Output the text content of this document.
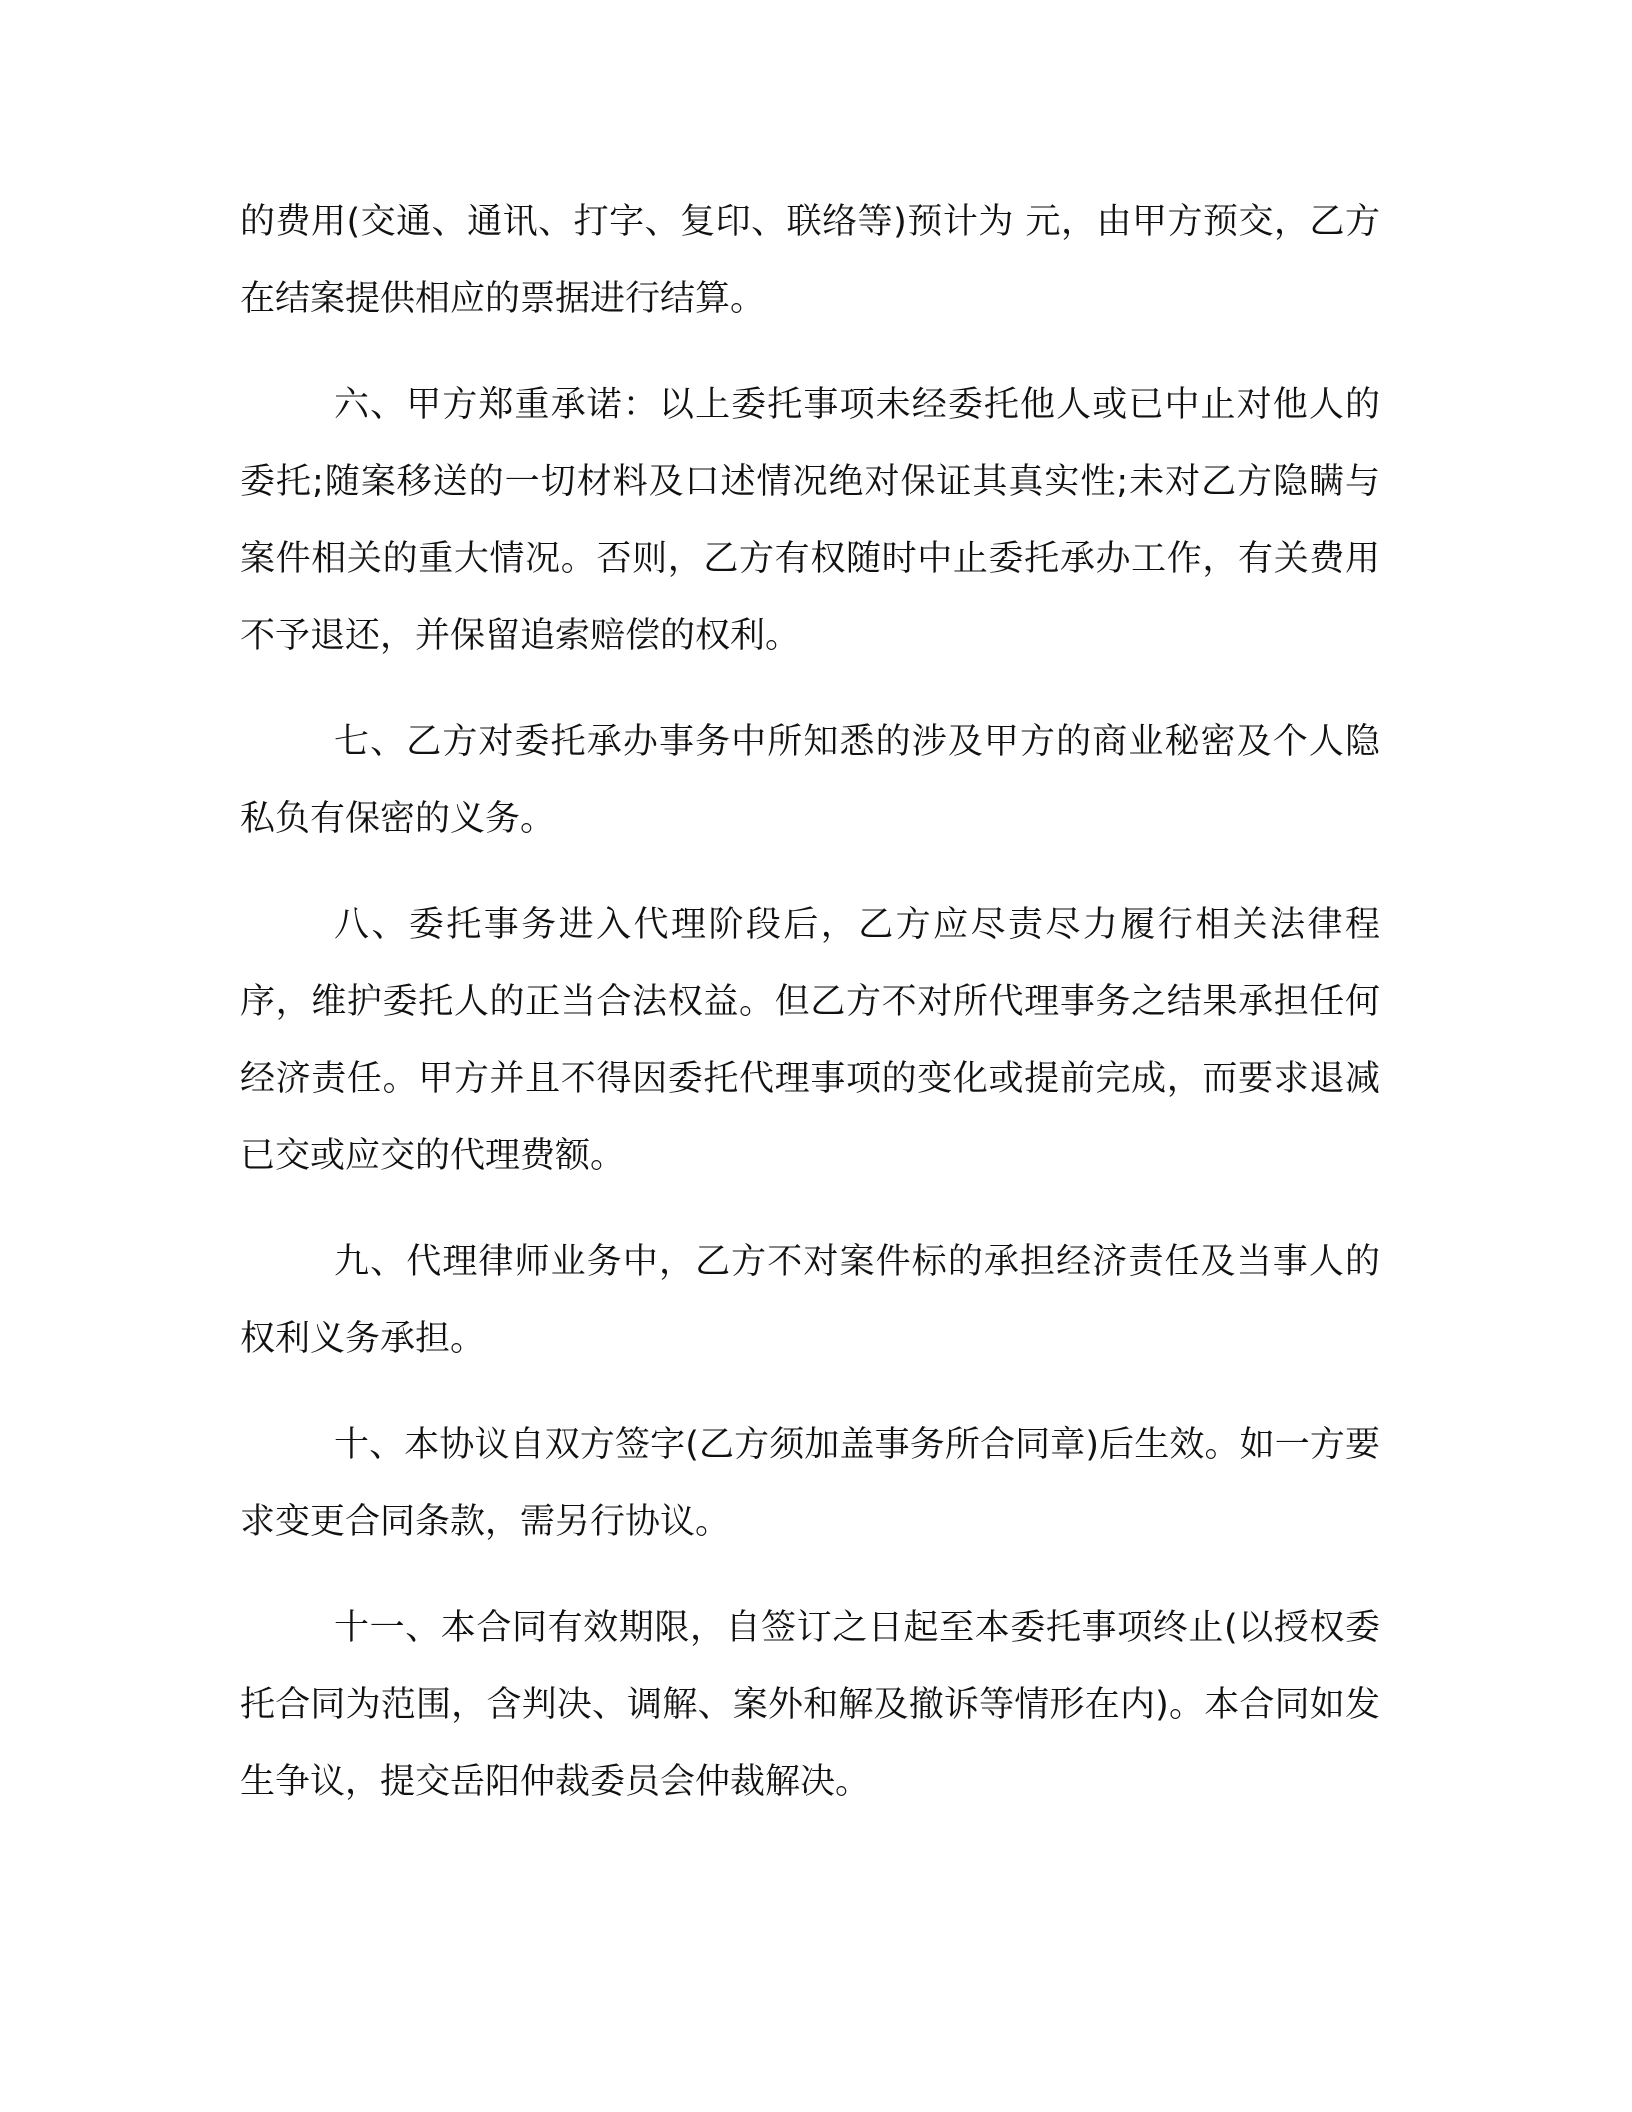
的费用(交通、通讯、打字、复印、联络等)预计为 元，由甲方预交，乙方在结案提供相应的票据进行结算。

六、甲方郑重承诺：以上委托事项未经委托他人或已中止对他人的委托;随案移送的一切材料及口述情况绝对保证其真实性;未对乙方隐瞒与案件相关的重大情况。否则，乙方有权随时中止委托承办工作，有关费用不予退还，并保留追索赔偿的权利。

七、乙方对委托承办事务中所知悉的涉及甲方的商业秘密及个人隐私负有保密的义务。

八、委托事务进入代理阶段后，乙方应尽责尽力履行相关法律程序，维护委托人的正当合法权益。但乙方不对所代理事务之结果承担任何经济责任。甲方并且不得因委托代理事项的变化或提前完成，而要求退减已交或应交的代理费额。

九、代理律师业务中，乙方不对案件标的承担经济责任及当事人的权利义务承担。

十、本协议自双方签字(乙方须加盖事务所合同章)后生效。如一方要求变更合同条款，需另行协议。

十一、本合同有效期限，自签订之日起至本委托事项终止(以授权委托合同为范围，含判决、调解、案外和解及撤诉等情形在内)。本合同如发生争议，提交岳阳仲裁委员会仲裁解决。
